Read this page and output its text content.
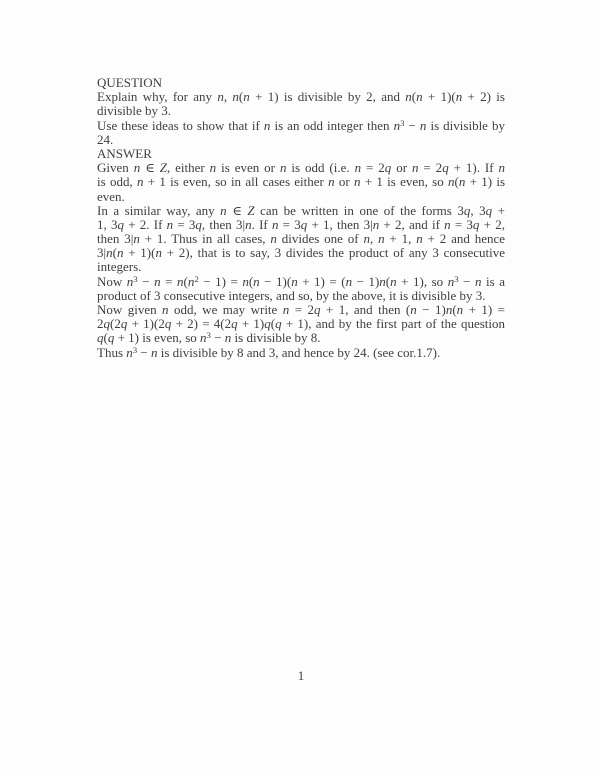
QUESTION
Explain why, for any n, n(n + 1) is divisible by 2, and n(n + 1)(n + 2) is
divisible by 3.
Use these ideas to show that if n is an odd integer then $n^3 - n$ is divisible by
24.
ANSWER
Given n ∈ Z, either n is even or n is odd (i.e. n = 2q or n = 2q + 1). If n
is odd, n + 1 is even, so in all cases either n or n + 1 is even, so n(n + 1) is
even.
In a similar way, any n ∈ Z can be written in one of the forms 3q, 3q +
1, 3q + 2. If n = 3q, then 3|n. If n = 3q + 1, then 3|n + 2, and if n = 3q + 2,
then 3|n + 1. Thus in all cases, n divides one of n, n + 1, n + 2 and hence
3|n(n + 1)(n + 2), that is to say, 3 divides the product of any 3 consecutive
integers.
Now $n^3 - n = n(n^2 - 1) = n(n - 1)(n + 1) = (n - 1)n(n + 1)$, so $n^3 - n$ is a
product of 3 consecutive integers, and so, by the above, it is divisible by 3.
Now given n odd, we may write n = 2q + 1, and then (n − 1)n(n + 1) =
2q(2q + 1)(2q + 2) = 4(2q + 1)q(q + 1), and by the first part of the question
q(q + 1) is even, so $n^3 - n$ is divisible by 8.
Thus $n^3 - n$ is divisible by 8 and 3, and hence by 24. (see cor.1.7).
1
